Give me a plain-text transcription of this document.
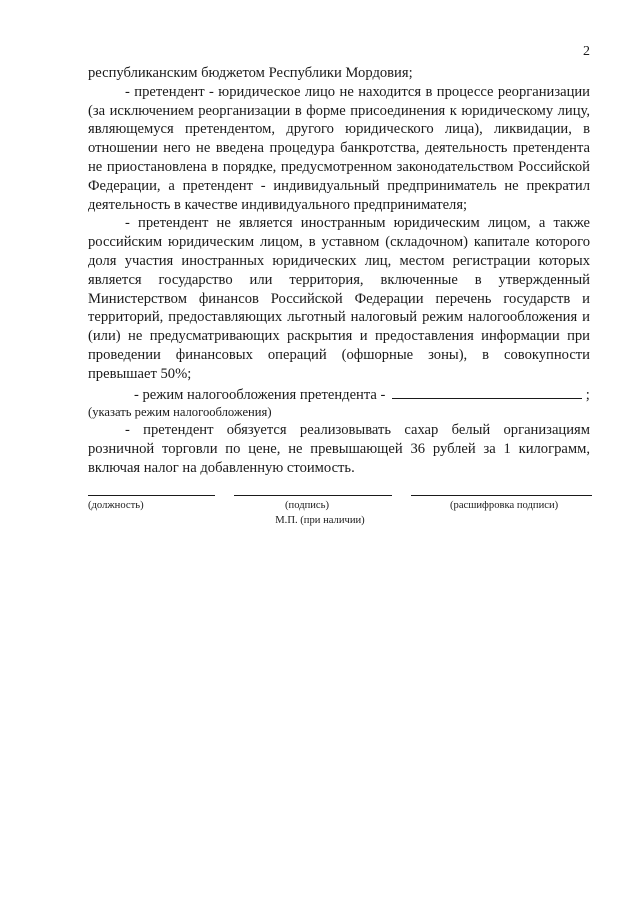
2

республиканским бюджетом Республики Мордовия;

- претендент - юридическое лицо не находится в процессе реорганизации (за исключением реорганизации в форме присоединения к юридическому лицу, являющемуся претендентом, другого юридического лица), ликвидации, в отношении него не введена процедура банкротства, деятельность претендента не приостановлена в порядке, предусмотренном законодательством Российской Федерации, а претендент - индивидуальный предприниматель не прекратил деятельность в качестве индивидуального предпринимателя;

- претендент не является иностранным юридическим лицом, а также российским юридическим лицом, в уставном (складочном) капитале которого доля участия иностранных юридических лиц, местом регистрации которых является государство или территория, включенные в утвержденный Министерством финансов Российской Федерации перечень государств и территорий, предоставляющих льготный налоговый режим налогообложения и (или) не предусматривающих раскрытия и предоставления информации при проведении финансовых операций (офшорные зоны), в совокупности превышает 50%;

- режим налогообложения претендента -	;

(указать режим налогообложения)

- претендент обязуется реализовывать сахар белый организациям розничной торговли по цене, не превышающей 36 рублей за 1 килограмм, включая налог на добавленную стоимость.

(должность)	(подпись)	(расшифровка подписи)
М.П. (при наличии)
